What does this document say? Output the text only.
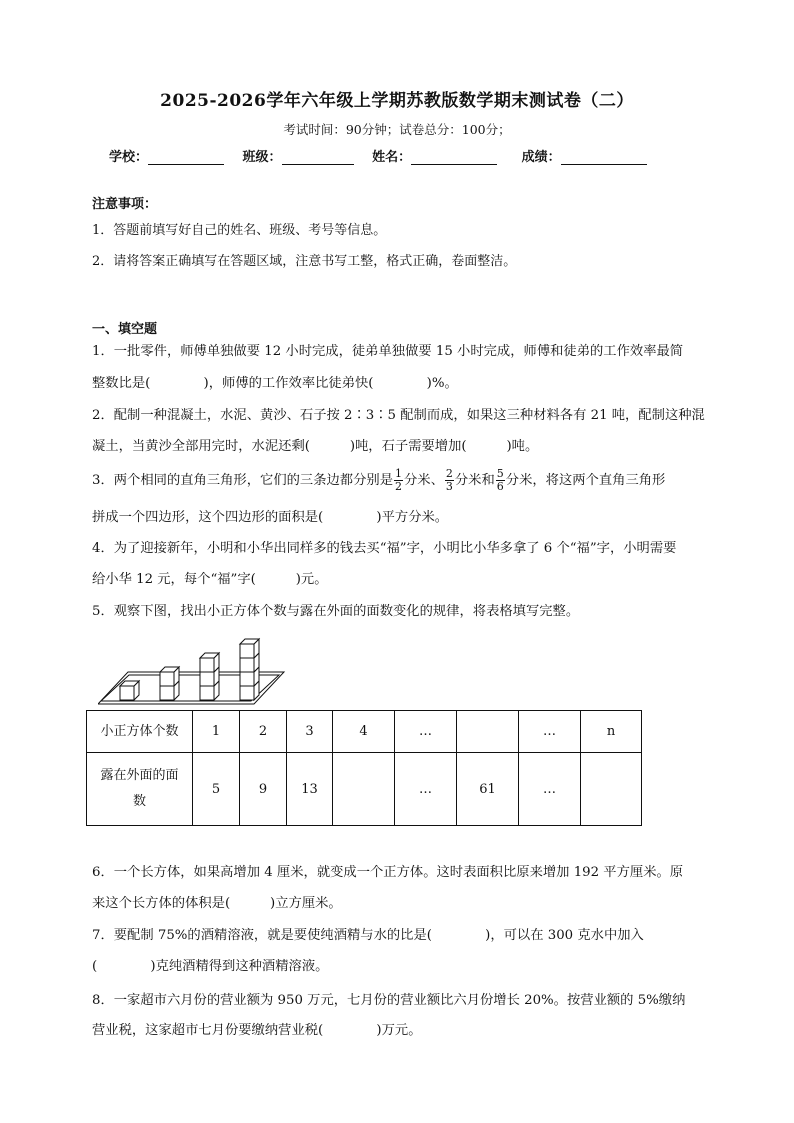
2025-2026学年六年级上学期苏教版数学期末测试卷（二）
考试时间：90分钟；试卷总分：100分；
学校：	班级：	姓名：	成绩：
注意事项：
1．答题前填写好自己的姓名、班级、考号等信息。
2．请将答案正确填写在答题区域，注意书写工整，格式正确，卷面整洁。
一、填空题
1．一批零件，师傅单独做要 12 小时完成，徒弟单独做要 15 小时完成，师傅和徒弟的工作效率最简
整数比是(　　　　)，师傅的工作效率比徒弟快(　　　　)%。
2．配制一种混凝土，水泥、黄沙、石子按 2∶3∶5 配制而成，如果这三种材料各有 21 吨，配制这种混
凝土，当黄沙全部用完时，水泥还剩(　　　)吨，石子需要增加(　　　)吨。
3．两个相同的直角三角形，它们的三条边都分别是 $\frac{1}{2}$ 分米、 $\frac{2}{3}$ 分米和 $\frac{5}{6}$ 分米，将这两个直角三角形
拼成一个四边形，这个四边形的面积是(　　　　)平方分米。
4．为了迎接新年，小明和小华出同样多的钱去买“福”字，小明比小华多拿了 6 个“福”字，小明需要
给小华 12 元，每个“福”字(　　　)元。
5．观察下图，找出小正方体个数与露在外面的面数变化的规律，将表格填写完整。
小正方体个数	1	2	3	4	…		…	n
露在外面的面
数	5	9	13		…	61	…	
6．一个长方体，如果高增加 4 厘米，就变成一个正方体。这时表面积比原来增加 192 平方厘米。原
来这个长方体的体积是(　　　)立方厘米。
7．要配制 75%的酒精溶液，就是要使纯酒精与水的比是(　　　　)，可以在 300 克水中加入
(　　　　)克纯酒精得到这种酒精溶液。
8．一家超市六月份的营业额为 950 万元，七月份的营业额比六月份增长 20%。按营业额的 5%缴纳
营业税，这家超市七月份要缴纳营业税(　　　　)万元。
